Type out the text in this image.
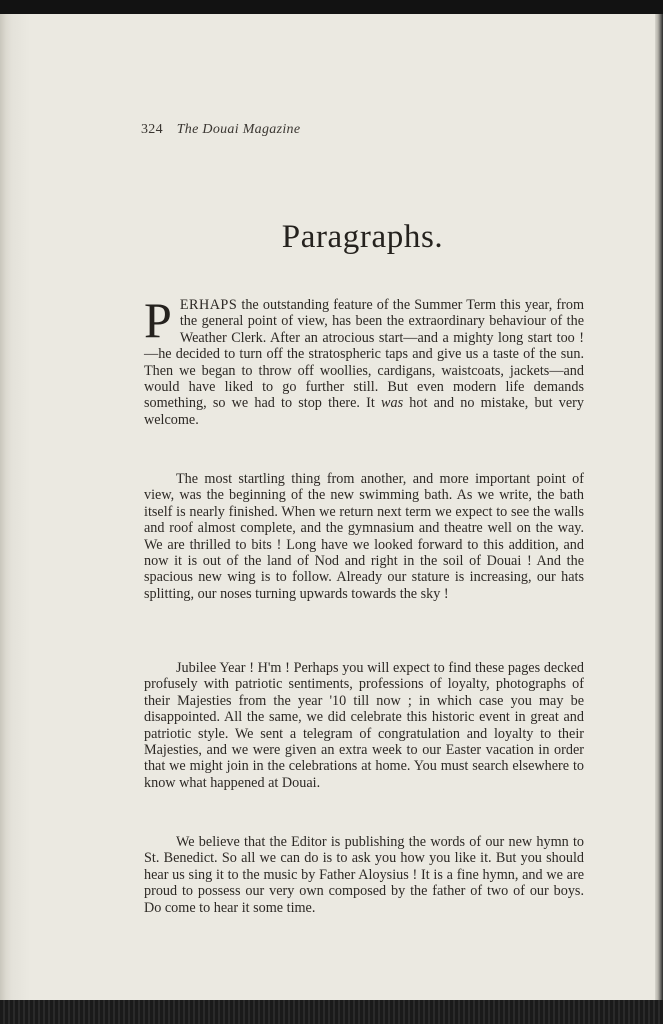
324 The Douai Magazine
Paragraphs.
PERHAPS the outstanding feature of the Summer Term this year, from the general point of view, has been the extraordinary behaviour of the Weather Clerk. After an atrocious start—and a mighty long start too !—he decided to turn off the stratospheric taps and give us a taste of the sun. Then we began to throw off woollies, cardigans, waistcoats, jackets—and would have liked to go further still. But even modern life demands something, so we had to stop there. It was hot and no mistake, but very welcome.
The most startling thing from another, and more important point of view, was the beginning of the new swimming bath. As we write, the bath itself is nearly finished. When we return next term we expect to see the walls and roof almost complete, and the gymnasium and theatre well on the way. We are thrilled to bits ! Long have we looked forward to this addition, and now it is out of the land of Nod and right in the soil of Douai ! And the spacious new wing is to follow. Already our stature is increasing, our hats splitting, our noses turning upwards towards the sky !
Jubilee Year ! H'm ! Perhaps you will expect to find these pages decked profusely with patriotic sentiments, professions of loyalty, photographs of their Majesties from the year '10 till now ; in which case you may be disappointed. All the same, we did celebrate this historic event in great and patriotic style. We sent a telegram of congratulation and loyalty to their Majesties, and we were given an extra week to our Easter vacation in order that we might join in the celebrations at home. You must search elsewhere to know what happened at Douai.
We believe that the Editor is publishing the words of our new hymn to St. Benedict. So all we can do is to ask you how you like it. But you should hear us sing it to the music by Father Aloysius ! It is a fine hymn, and we are proud to possess our very own composed by the father of two of our boys. Do come to hear it some time.
